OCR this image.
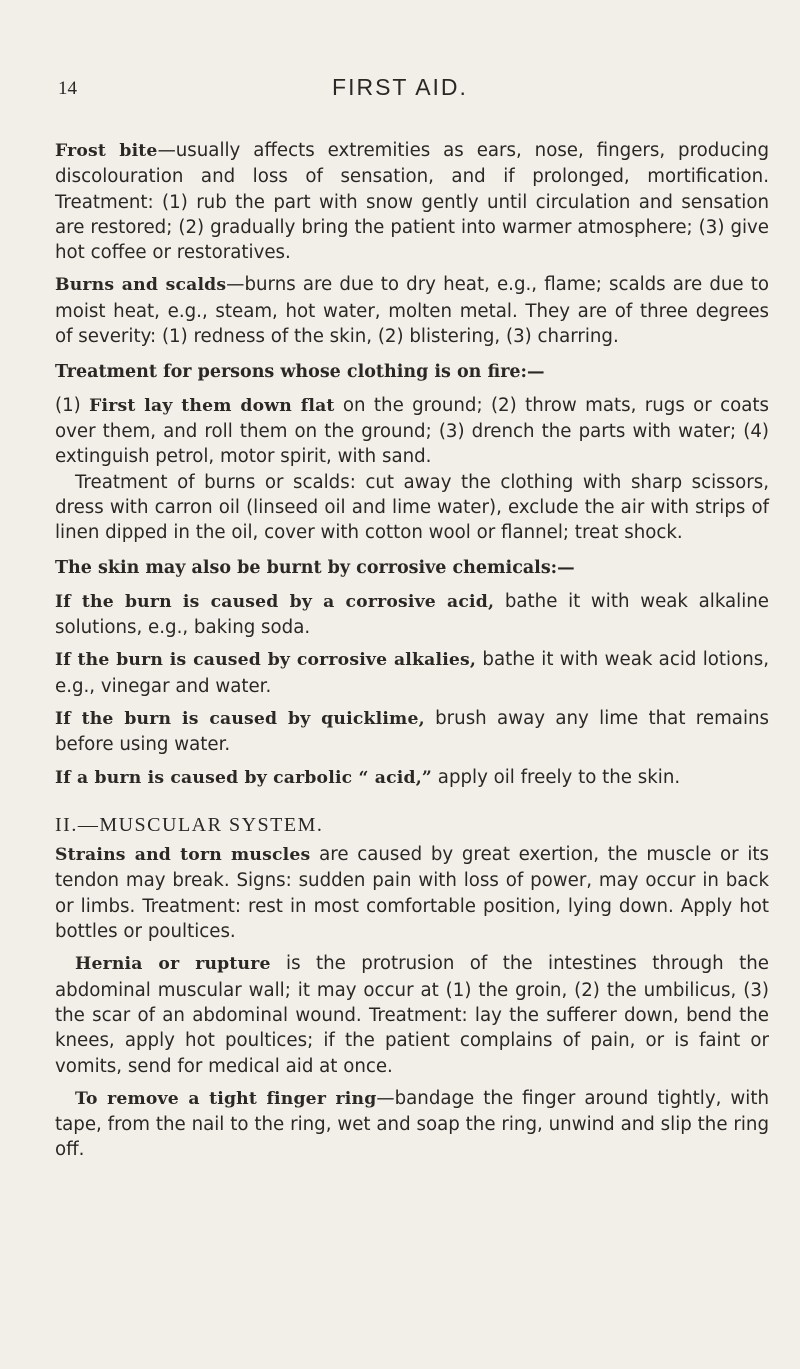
14	FIRST AID.

Frost bite—usually affects extremities as ears, nose, fingers, producing discolouration and loss of sensation, and if prolonged, mortification. Treatment: (1) rub the part with snow gently until circulation and sensation are restored; (2) gradually bring the patient into warmer atmosphere; (3) give hot coffee or restoratives.

Burns and scalds—burns are due to dry heat, e.g., flame; scalds are due to moist heat, e.g., steam, hot water, molten metal. They are of three degrees of severity: (1) redness of the skin, (2) blistering, (3) charring.

Treatment for persons whose clothing is on fire:—

(1) First lay them down flat on the ground; (2) throw mats, rugs or coats over them, and roll them on the ground; (3) drench the parts with water; (4) extinguish petrol, motor spirit, with sand.

Treatment of burns or scalds: cut away the clothing with sharp scissors, dress with carron oil (linseed oil and lime water), exclude the air with strips of linen dipped in the oil, cover with cotton wool or flannel; treat shock.

The skin may also be burnt by corrosive chemicals:—

If the burn is caused by a corrosive acid, bathe it with weak alkaline solutions, e.g., baking soda.

If the burn is caused by corrosive alkalies, bathe it with weak acid lotions, e.g., vinegar and water.

If the burn is caused by quicklime, brush away any lime that remains before using water.

If a burn is caused by carbolic “ acid,” apply oil freely to the skin.

II.—MUSCULAR SYSTEM.

Strains and torn muscles are caused by great exertion, the muscle or its tendon may break. Signs: sudden pain with loss of power, may occur in back or limbs. Treatment: rest in most comfortable position, lying down. Apply hot bottles or poultices.

Hernia or rupture is the protrusion of the intestines through the abdominal muscular wall; it may occur at (1) the groin, (2) the umbilicus, (3) the scar of an abdominal wound. Treatment: lay the sufferer down, bend the knees, apply hot poultices; if the patient complains of pain, or is faint or vomits, send for medical aid at once.

To remove a tight finger ring—bandage the finger around tightly, with tape, from the nail to the ring, wet and soap the ring, unwind and slip the ring off.
